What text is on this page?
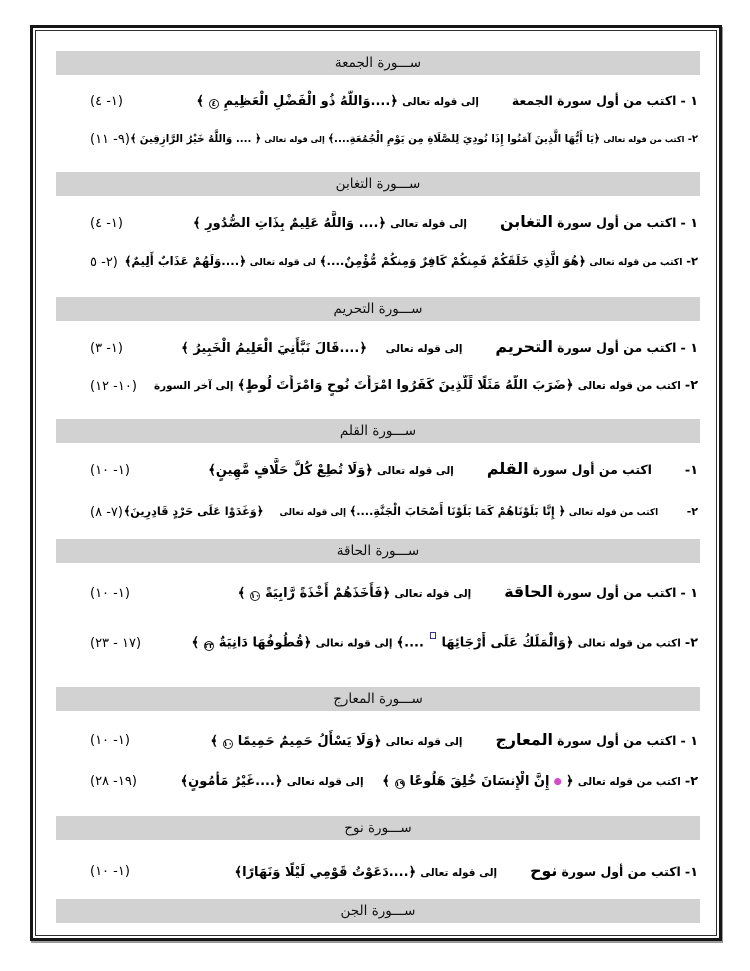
ســـورة الجمعة
١ - اكتب من أول سورة الجمعة  إلى قوله تعالى ﴿....وَاللَّهُ ذُو الْفَضْلِ الْعَظِيمِ ٤ ﴾
(١- ٤)
٢- اكتب من قوله تعالى ﴿يَا أَيُّهَا الَّذِينَ آمَنُوا إِذَا نُودِيَ لِلصَّلَاةِ مِن يَوْمِ الْجُمُعَةِ....﴾ إلى قوله تعالى ﴿ .... وَاللَّهُ خَيْرُ الرَّازِقِينَ ﴾
(٩- ١١)
ســـورة التغابن
١ - اكتب من أول سورة التغابن  إلى قوله تعالى ﴿.... وَاللَّهُ عَلِيمٌ بِذَاتِ الصُّدُورِ ﴾
(١- ٤)
٢- اكتب من قوله تعالى ﴿هُوَ الَّذِي خَلَقَكُمْ فَمِنكُمْ كَافِرٌ وَمِنكُمْ مُّؤْمِنٌ....﴾ لى قوله تعالى ﴿....وَلَهُمْ عَذَابٌ أَلِيمٌ﴾
(٢- ٥
ســـورة التحريم
١ - اكتب من أول سورة التحريم  إلى قوله تعالى  ﴿....قَالَ نَبَّأَنِيَ الْعَلِيمُ الْخَبِيرُ ﴾
(١- ٣)
٢- اكتب من قوله تعالى ﴿ضَرَبَ اللَّهُ مَثَلًا لِّلَّذِينَ كَفَرُوا امْرَأَتَ نُوحٍ وَامْرَأَتَ لُوطٍ﴾ إلى آخر السورة
(١٠- ١٢)
ســـورة القلم
١-  اكتب من أول سورة القلم  إلى قوله تعالى ﴿وَلَا تُطِعْ كُلَّ حَلَّافٍ مَّهِينٍ﴾
(١- ١٠)
٢-  اكتب من قوله تعالى ﴿ إِنَّا بَلَوْنَاهُمْ كَمَا بَلَوْنَا أَصْحَابَ الْجَنَّةِ....﴾ إلى قوله تعالى  ﴿وَغَدَوْا عَلَى حَرْدٍ قَادِرِينَ﴾
(٧- ٨)
ســـورة الحاقة
١ - اكتب من أول سورة الحاقة  إلى قوله تعالى ﴿فَأَخَذَهُمْ أَخْذَةً رَّابِيَةً ١٠ ﴾
(١- ١٠)
٢- اكتب من قوله تعالى ﴿وَالْمَلَكُ عَلَى أَرْجَائِهَا  ....﴾ إلى قوله تعالى ﴿قُطُوفُهَا دَانِيَةٌ ٢٣ ﴾
(١٧ - ٢٣)
ســـورة المعارج
١ - اكتب من أول سورة المعارج  إلى قوله تعالى ﴿وَلَا يَسْأَلُ حَمِيمٌ حَمِيمًا ١٠ ﴾
(١- ١٠)
٢- اكتب من قوله تعالى ﴿ ● إِنَّ الْإِنسَانَ خُلِقَ هَلُوعًا ١٩ ﴾  إلى قوله تعالى ﴿....غَيْرُ مَأْمُونٍ﴾
(١٩- ٢٨)
ســـورة نوح
١- اكتب من أول سورة نوح  إلى قوله تعالى ﴿....دَعَوْتُ قَوْمِي لَيْلًا وَنَهَارًا﴾
(١- ١٠)
ســـورة الجن
